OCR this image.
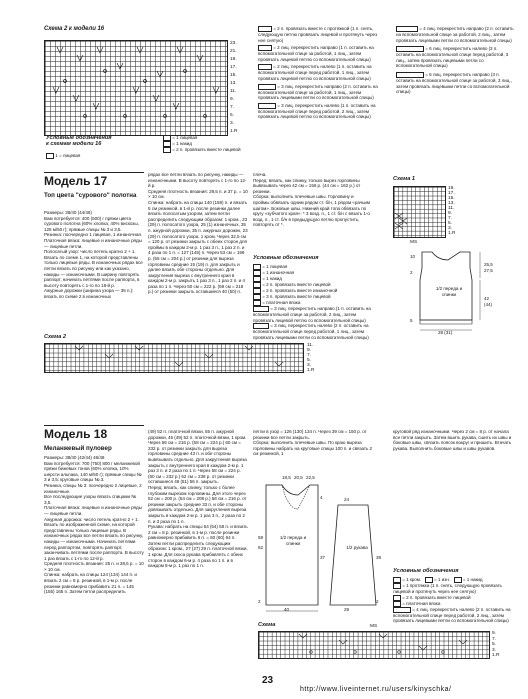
Схема 2 к модели 16
23.
21.
19.
17.
15.
13.
11.
9.
7.
5.
3.
1.R
Условные обозначения
к схемам модели 16

= 1 лицевая

= 1 накид

= 2 п. провязать вместе лицевой

1 = лицевая

= 2 п. провязать вместе с протяжкой (1 п. снять, следующую петлю провязать лицевой и протянуть через нее снятую)

= 2 лиц. перекрестить направо (1 п. оставить на вспомогательной спице за работой, 1 лиц., затем провязать лицевой петлю со вспомогательной спицы)

= 2 лиц. перекрестить налево (1 п. оставить на вспомогательной спице перед работой, 1 лиц., затем провязать лицевой петлю со вспомогательной спицы)

= 3 лиц. перекрестить направо (2 п. оставить на вспомогательной спице за работой, 1 лиц., затем провязать лицевыми петли со вспомогательной спицы)

= 3 лиц. перекрестить налево (1 п. оставить на вспомогательной спице перед работой, 2 лиц., затем провязать лицевой петлю со вспомогательной спицы)

= 4 лиц. перекрестить направо (2 п. оставить на вспомогательной спице за работой, 2 лиц., затем провязать лицевыми петли со вспомогательной спицы)

= 6 лиц. перекрестить налево (3 п. оставить на вспомогательной спице перед работой, 3 лиц., затем провязать лицевыми петли со вспомогательной спицы)

= 6 лиц. перекрестить направо (3 п. оставить на вспомогательной спице за работой, 3 лиц., затем провязать лицевыми петли со вспомогательной спицы)

Модель 17
Топ цвета "сурового" полотна
Размеры: 38/40 (44/46)
Вам потребуется: 400 (500) г пряжи цвета сурового полотна (60% хлопка, 40% вискозы, 125 м/50 г); прямые спицы № 3 и 3,5.
Резинка: поочередно 1 лицевая, 1 изнаночная.
Платочная вязка: лицевые и изнаночные ряды — лицевые петли.
Полосатый узор: число петель кратно 2 + 1. Вязать по схеме 1, на которой представлены только лицевые ряды. В изнаночных рядах все петли вязать по рисунку или как указано, накиды — изнаночными. В ширину повторять раппорт, начинать петлями после раппорта, в высоту повторять с 1-го по 18-й р.
Ажурные дорожки (ширина узора — 35 п.): вязать по схеме 2 в изнаночных
рядах все петли вязать по рисунку, накиды — изнаночными. В высоту повторять с 1-го по 12-й р.
Средняя плотность вязания: 29,5 п. и 37 р. = 10 × 10 см.
Спинка: набрать на спицы 140 (158) п. и вязать 5 см резинкой, в 1-й р. после резинки далее вязать полосатым узором, затем петли распределить следующим образом: 1 кром., 23 (29) п. полосатого узора, 25 (1) изнаночных, 35 п. ажурной дорожки, 35 п. ажурных дорожек, 23 (29) п. полосатого узора, 1 кром. Через 32,5 см = 120 р. от резинки закрыть с обеих сторон для проймы в каждом 2-м р. 1 раз 3 п., 1 раз 2 п. и 4 раза по 1 п. = 127 (145) п. Через 53 см = 196 р. (55 см = 204 р.) от резинки для выреза горловины средние 15 (19) п. для закрыть и далее вязать обе стороны отдельно. Для закругления выреза с внутреннего края в каждом 2-м р. закрыть 1 раз 3 п., 1 раз 2 п. и 4 раза по 1 п. Через 50 см = 222 р. (59 см = 218 р.) от резинки закрыть оставшиеся 40 (50) п.
плеча.
Перед: вязать, как спинку, только вырез горловины вывязывать через 42 см = 156 р. (44 см = 162 р.) от резинки.
Сборка: выполнить плечевые швы. Горловину и проймы обвязать одним рядом ст. б/н, 1 рядом «рачьим шагом». Боковые швы. Нижний край топа обвязать по кругу «зубчатого края»: * 3 возд. п., 1 ст. б/н с вязать 1-о возд. п., 1 ст. б/н в предыдущую петлю пропустить, повторять от *.
Условные обозначения

= 1 лицевая

= 1 изнаночная

= 1 накид

= 2 п. провязать вместе лицевой

= 2 п. провязать вместе изнаночной

= 3 п. провязать вместе лицевой

= платочная вязка

= 3 лиц. перекрестить направо (1 п. оставить на вспомогательной спице за работой, 2 лиц., затем провязать лицевой петлю со вспомогательной спицы)

= 3 лиц. перекрестить налево (2 п. оставить на вспомогательной спице перед работой, 1 лиц., затем провязать лицевыми петли со вспомогательной спицы)

Схема 1
19.
17.
15.
13.
11.
9.
7.
5.
3.
1.R
MS
1/2 переда и спинки
25,5
27,5
42
(44)
5
28 (31)
10
2
Схема 2
11.
9.
7.
5.
3.
1.R
Модель 18
Меланжевый пуловер
Размеры: 38/40 (42/44) 46/48
Вам потребуется: 700 (750) 800 г меланжевой пряжи бежевых тонов (60% хлопка, 10% шерсти альпака, 140 м/50 г); прямые спицы № 3 и 3,5; круговые спицы № 3.
Резинка, спицы № 3: поочередно 2 лицевые, 2 изнаночные.
Все последующие узоры вязать спицами № 3,5.
Платочная вязка: лицевые и изнаночные ряды — лицевые петли.
Ажурная дорожка: число петель кратно 2 + 1. Вязать по изображенной схеме, на которой представлены только лицевые ряды. В изнаночных рядах все петли вязать по рисунку, накиды — изнаночными. Начинать петлями перед раппортом, повторять раппорт, заканчивать петлями после раппорта. В высоту 1 раз вязать с 1-го по 12-й р.
Средняя плотность вязания: 25 п. и 38,5 р. = 10 × 10 см.
Спинка: набрать на спицы 124 (134) 144 п. и вязать 2 см = 8 р. резинкой, в 1-м р. после резинки равномерно прибавить 21 п. = 145 (155) 165 п. Затем петли распределить
(49) 52 п. платочной вязки, 55 п. ажурной дорожки, 45 (49) 52 п. платочной вязки, 1 кром. Через 56 см = 216 р. (58 см = 224 р.) 60 см = 232 р. от резинки закрыть для выреза горловины средние 43 п. и обе стороны вывязывать отдельно. Для закругления выреза закрыть с внутреннего края в каждом 2-м р. 1 раз 3 п. и 2 раза по 1 п. Через 58 см = 224 р. (60 см = 232 р.) 62 см = 238 р. от резинки оставшиеся 46 (51) 56 п. закрыть.
Перед: вязать, как спинку, только с более глубоким вырезом горловины. Для этого через 52 см = 200 р. (54 см = 208 р.) 56 см = 216 р. от резинки закрыть средние 33 п. и обе стороны довязывать отдельно. Для закругления выреза закрыть в каждом 2-м р. 1 раз 3 п., 2 раза по 2 п. и 3 раза по 1 п.
Рукава: набрать на спицы 54 (54) 58 п. и вязать 2 см = 8 р. резинкой, в 1-м р. после резинки равномерно прибавить 6 п. = 60 (60) 64 п. Затем петли распределить следующим образом: 1 кром., 27 (27) 29 п. платочной вязки, 1 кром. Для скоса рукава прибавлять с обеих сторон в каждом 6-м р. 4 раза по 1 п. и в каждом 8-м р. 1 раз по 1 п.
петли в узор = 126 (130) 134 п. Через 39 см = 150 р. от резинки все петли закрыть.
Сборка: выполнить плечевые швы. По краю выреза горловины набрать на круговые спицы 100 п. и связать 2 см резинкой, 1
круговой ряд изнаночными. Через 2 см = 8 р. от начала все петли закрыть. Затем вшить рукава, сшить их швы и боковые швы, связать поясок вокруг и пришить. Втачать рукава. Выполнить боковые швы и швы рукавов.
1/2 переда и спинки
1/2 рукава
18,5 20,5 22,5
37
4
39
2
24
29
40
2
58
62
Условные обозначения

= 1 кром.	= 1 изн.	= 1 накид

= 1 протяжка (1 п. снять, следующую провязать лицевой и протянуть через нее снятую)

= 2 п. провязать вместе лицевой

= платочная вязка

= 4 лиц. перекрестить налево (2 п. оставить на вспомогательной спице перед работой, 2 лиц., затем провязать лицевыми петли со вспомогательной спицы)

Схема	MS
9.
7.
5.
3.
1.R
23
http://www.liveinternet.ru/users/kinyschka/
